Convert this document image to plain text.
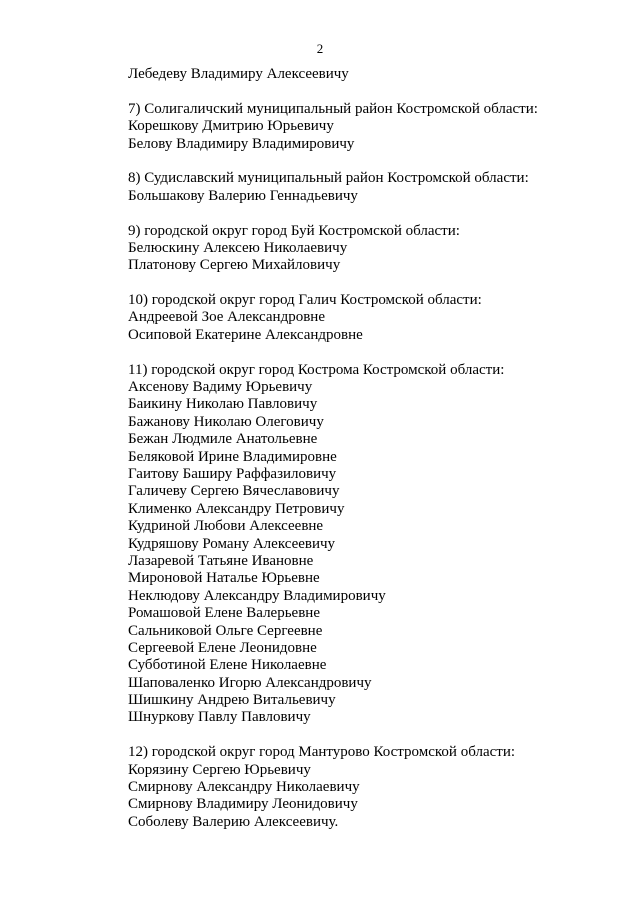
2
Лебедеву Владимиру Алексеевичу
7) Солигаличский муниципальный район Костромской области:
Корешкову Дмитрию Юрьевичу
Белову Владимиру Владимировичу
8) Судиславский муниципальный район Костромской области:
Большакову Валерию Геннадьевичу
9) городской округ город Буй Костромской области:
Белюскину Алексею Николаевичу
Платонову Сергею Михайловичу
10) городской округ город Галич Костромской области:
Андреевой Зое Александровне
Осиповой Екатерине Александровне
11) городской округ город Кострома Костромской области:
Аксенову Вадиму Юрьевичу
Баикину Николаю Павловичу
Бажанову Николаю Олеговичу
Бежан Людмиле Анатольевне
Беляковой Ирине Владимировне
Гаитову Баширу Раффазиловичу
Галичеву Сергею Вячеславовичу
Клименко Александру Петровичу
Кудриной Любови Алексеевне
Кудряшову Роману Алексеевичу
Лазаревой Татьяне Ивановне
Мироновой Наталье Юрьевне
Неклюдову Александру Владимировичу
Ромашовой Елене Валерьевне
Сальниковой Ольге Сергеевне
Сергеевой Елене Леонидовне
Субботиной Елене Николаевне
Шаповаленко Игорю Александровичу
Шишкину Андрею Витальевичу
Шнуркову Павлу Павловичу
12) городской округ город Мантурово Костромской области:
Корязину Сергею Юрьевичу
Смирнову Александру Николаевичу
Смирнову Владимиру Леонидовичу
Соболеву Валерию Алексеевичу.
